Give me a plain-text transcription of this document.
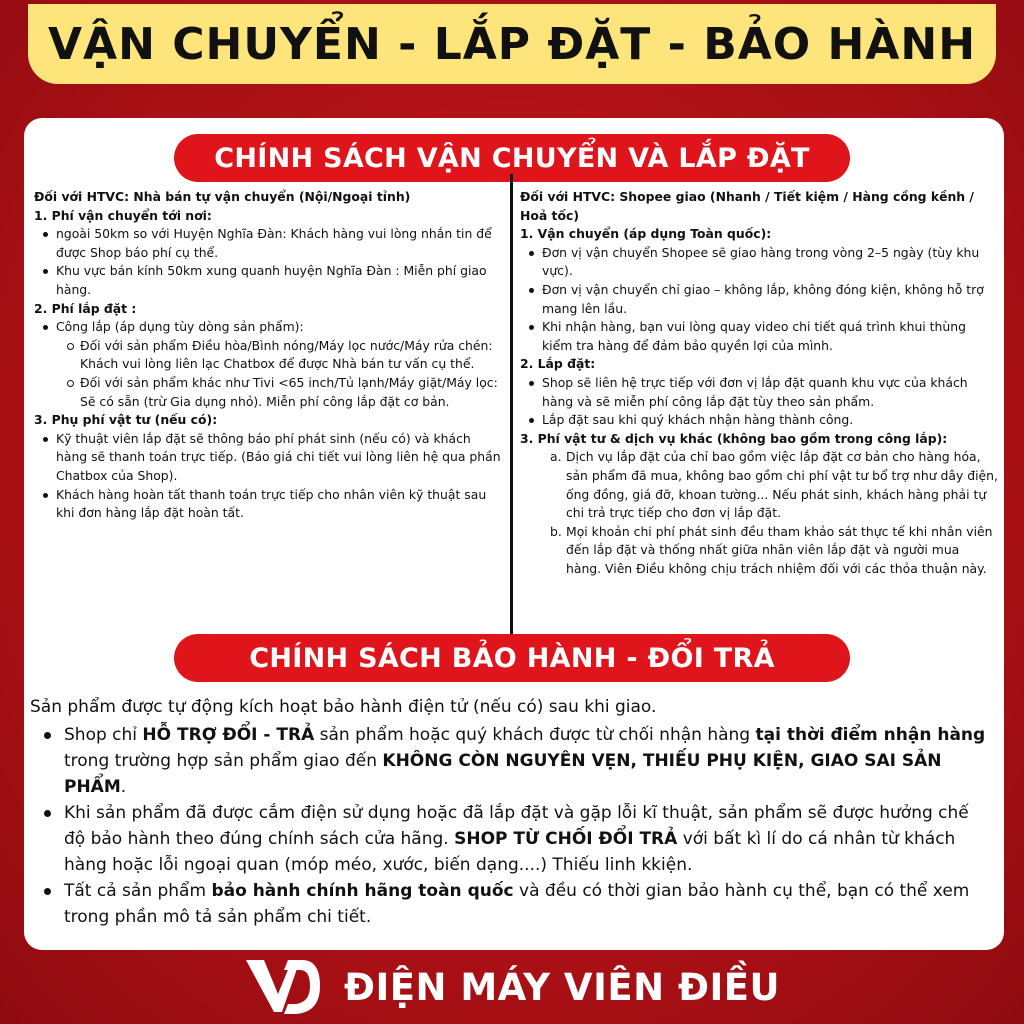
VẬN CHUYỂN - LẮP ĐẶT - BẢO HÀNH
CHÍNH SÁCH VẬN CHUYỂN VÀ LẮP ĐẶT
Đối với HTVC: Nhà bán tự vận chuyển (Nội/Ngoại tỉnh)
1. Phí vận chuyển tới nơi:
ngoài 50km so với Huyện Nghĩa Đàn: Khách hàng vui lòng nhắn tin để được Shop báo phí cụ thể.
Khu vực bán kính 50km xung quanh huyện Nghĩa Đàn : Miễn phí giao hàng.
2. Phí lắp đặt :
Công lắp (áp dụng tùy dòng sản phẩm):
Đối với sản phẩm Điều hòa/Bình nóng/Máy lọc nước/Máy rửa chén: Khách vui lòng liên lạc Chatbox để được Nhà bán tư vấn cụ thể.
Đối với sản phẩm khác như Tivi <65 inch/Tủ lạnh/Máy giặt/Máy lọc: Sẽ có sẵn (trừ Gia dụng nhỏ). Miễn phí công lắp đặt cơ bản.
3. Phụ phí vật tư (nếu có):
Kỹ thuật viên lắp đặt sẽ thông báo phí phát sinh (nếu có) và khách hàng sẽ thanh toán trực tiếp. (Báo giá chi tiết vui lòng liên hệ qua phần Chatbox của Shop).
Khách hàng hoàn tất thanh toán trực tiếp cho nhân viên kỹ thuật sau khi đơn hàng lắp đặt hoàn tất.
Đối với HTVC: Shopee giao (Nhanh / Tiết kiệm / Hàng cồng kềnh / Hoả tốc)
1. Vận chuyển (áp dụng Toàn quốc):
Đơn vị vận chuyển Shopee sẽ giao hàng trong vòng 2–5 ngày (tùy khu vực).
Đơn vị vận chuyển chỉ giao – không lắp, không đóng kiện, không hỗ trợ mang lên lầu.
Khi nhận hàng, bạn vui lòng quay video chi tiết quá trình khui thùng kiểm tra hàng để đảm bảo quyền lợi của mình.
2. Lắp đặt:
Shop sẽ liên hệ trực tiếp với đơn vị lắp đặt quanh khu vực của khách hàng và sẽ miễn phí công lắp đặt tùy theo sản phẩm.
Lắp đặt sau khi quý khách nhận hàng thành công.
3. Phí vật tư & dịch vụ khác (không bao gồm trong công lắp):
a. Dịch vụ lắp đặt của chỉ bao gồm việc lắp đặt cơ bản cho hàng hóa, sản phẩm đã mua, không bao gồm chi phí vật tư bổ trợ như dây điện, ống đồng, giá đỡ, khoan tường... Nếu phát sinh, khách hàng phải tự chi trả trực tiếp cho đơn vị lắp đặt.
b. Mọi khoản chi phí phát sinh đều tham khảo sát thực tế khi nhân viên đến lắp đặt và thống nhất giữa nhân viên lắp đặt và người mua hàng. Viên Điều không chịu trách nhiệm đối với các thỏa thuận này.
CHÍNH SÁCH BẢO HÀNH - ĐỔI TRẢ
Sản phẩm được tự động kích hoạt bảo hành điện tử (nếu có) sau khi giao.
Shop chỉ HỖ TRỢ ĐỔI - TRẢ sản phẩm hoặc quý khách được từ chối nhận hàng tại thời điểm nhận hàng trong trường hợp sản phẩm giao đến KHÔNG CÒN NGUYÊN VẸN, THIẾU PHỤ KIỆN, GIAO SAI SẢN PHẨM.
Khi sản phẩm đã được cắm điện sử dụng hoặc đã lắp đặt và gặp lỗi kĩ thuật, sản phẩm sẽ được hưởng chế độ bảo hành theo đúng chính sách cửa hãng. SHOP TỪ CHỐI ĐỔI TRẢ với bất kì lí do cá nhân từ khách hàng hoặc lỗi ngoại quan (móp méo, xước, biến dạng....) Thiếu linh kkiện.
Tất cả sản phẩm bảo hành chính hãng toàn quốc và đều có thời gian bảo hành cụ thể, bạn có thể xem trong phần mô tả sản phẩm chi tiết.
ĐIỆN MÁY VIÊN ĐIỀU
